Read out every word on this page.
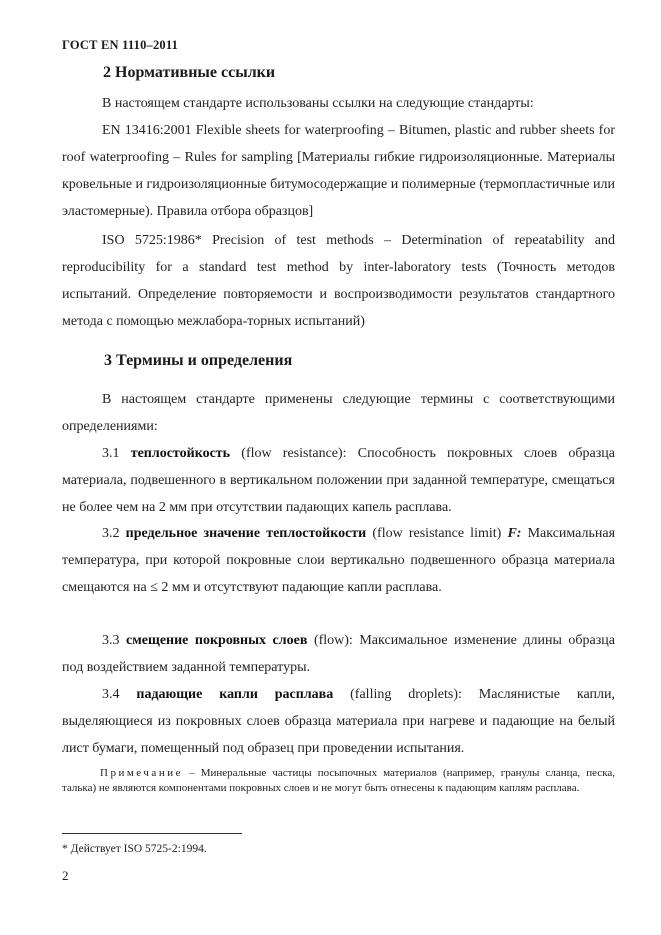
ГОСТ EN 1110–2011
2 Нормативные ссылки
В настоящем стандарте использованы ссылки на следующие стандарты:
EN 13416:2001 Flexible sheets for waterproofing – Bitumen, plastic and rubber sheets for roof waterproofing – Rules for sampling [Материалы гибкие гидроизоляционные. Материалы кровельные и гидроизоляционные битумосодержащие и полимерные (термопластичные или эластомерные). Правила отбора образцов]
ISO 5725:1986* Precision of test methods – Determination of repeatability and reproducibility for a standard test method by inter-laboratory tests (Точность методов испытаний. Определение повторяемости и воспроизводимости результатов стандартного метода с помощью межлабора-торных испытаний)
3 Термины и определения
В настоящем стандарте применены следующие термины с соответствующими определениями:
3.1 теплостойкость (flow resistance): Способность покровных слоев образца материала, подвешенного в вертикальном положении при заданной температуре, смещаться не более чем на 2 мм при отсутствии падающих капель расплава.
3.2 предельное значение теплостойкости (flow resistance limit) F: Максимальная температура, при которой покровные слои вертикально подвешенного образца материала смещаются на ≤ 2 мм и отсутствуют падающие капли расплава.
3.3 смещение покровных слоев (flow): Максимальное изменение длины образца под воздействием заданной температуры.
3.4 падающие капли расплава (falling droplets): Маслянистые капли, выделяющиеся из покровных слоев образца материала при нагреве и падающие на белый лист бумаги, помещенный под образец при проведении испытания.
Примечание – Минеральные частицы посыпочных материалов (например, гранулы сланца, песка, талька) не являются компонентами покровных слоев и не могут быть отнесены к падающим каплям расплава.
* Действует ISO 5725-2:1994.
2
